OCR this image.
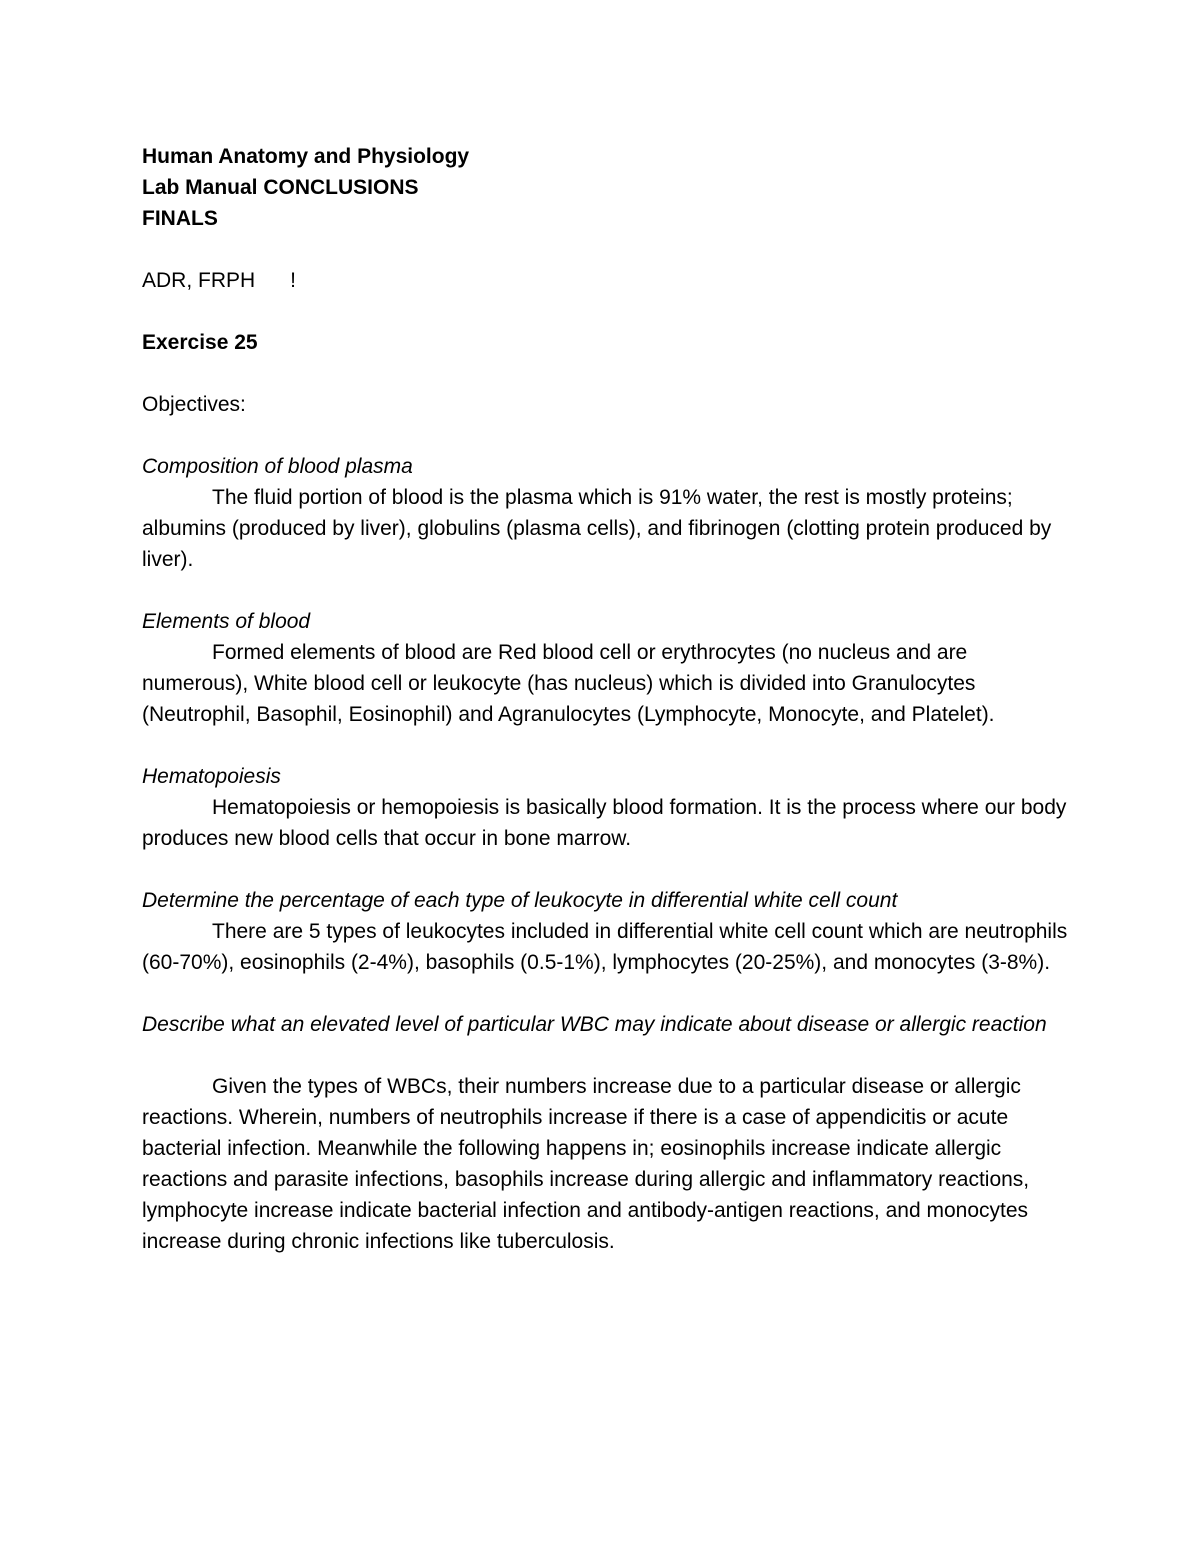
Human Anatomy and Physiology
Lab Manual CONCLUSIONS
FINALS
ADR, FRPH      !
Exercise 25
Objectives:
Composition of blood plasma
The fluid portion of blood is the plasma which is 91% water, the rest is mostly proteins; albumins (produced by liver), globulins (plasma cells), and fibrinogen (clotting protein produced by liver).
Elements of blood
Formed elements of blood are Red blood cell or erythrocytes (no nucleus and are numerous), White blood cell or leukocyte (has nucleus) which is divided into Granulocytes (Neutrophil, Basophil, Eosinophil) and Agranulocytes (Lymphocyte, Monocyte, and Platelet).
Hematopoiesis
Hematopoiesis or hemopoiesis is basically blood formation. It is the process where our body produces new blood cells that occur in bone marrow.
Determine the percentage of each type of leukocyte in differential white cell count
There are 5 types of leukocytes included in differential white cell count which are neutrophils (60-70%), eosinophils (2-4%), basophils (0.5-1%), lymphocytes (20-25%), and monocytes (3-8%).
Describe what an elevated level of particular WBC may indicate about disease or allergic reaction
Given the types of WBCs, their numbers increase due to a particular disease or allergic reactions. Wherein, numbers of neutrophils increase if there is a case of appendicitis or acute bacterial infection. Meanwhile the following happens in; eosinophils increase indicate allergic reactions and parasite infections, basophils increase during allergic and inflammatory reactions, lymphocyte increase indicate bacterial infection and antibody-antigen reactions, and monocytes increase during chronic infections like tuberculosis.
